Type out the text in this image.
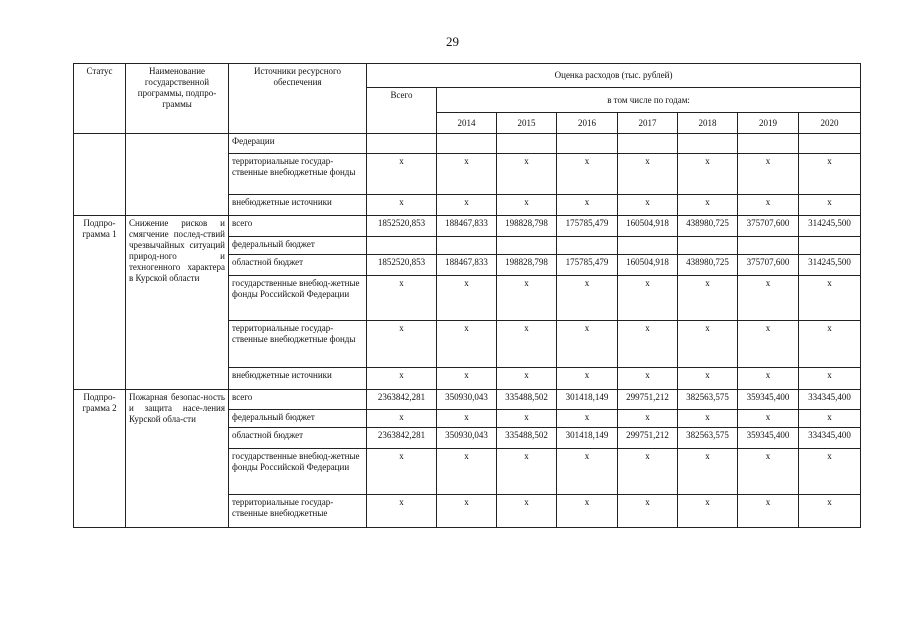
29
Статус	Наименование государственной программы, подпро-граммы	Источники ресурсного обеспечения	Оценка расходов (тыс. рублей)							
			Всего	в том числе по годам:						
				2014	2015	2016	2017	2018	2019	2020
		Федерации								
		территориальные государ-ственные внебюджетные фонды	x	x	x	x	x	x	x	x
		внебюджетные источники	x	x	x	x	x	x	x	x
Подпро-грамма 1	Снижение рисков и смягчение послед-ствий чрезвычайных ситуаций природ-ного и техногенного характера в Курской области	всего	1852520,853	188467,833	198828,798	175785,479	160504,918	438980,725	375707,600	314245,500
		федеральный бюджет								
		областной бюджет	1852520,853	188467,833	198828,798	175785,479	160504,918	438980,725	375707,600	314245,500
		государственные внебюд-жетные фонды Российской Федерации	x	x	x	x	x	x	x	x
		территориальные государ-ственные внебюджетные фонды	x	x	x	x	x	x	x	x
		внебюджетные источники	x	x	x	x	x	x	x	x
Подпро-грамма 2	Пожарная безопас-ность и защита насе-ления Курской обла-сти	всего	2363842,281	350930,043	335488,502	301418,149	299751,212	382563,575	359345,400	334345,400
		федеральный бюджет	x	x	x	x	x	x	x	x
		областной бюджет	2363842,281	350930,043	335488,502	301418,149	299751,212	382563,575	359345,400	334345,400
		государственные внебюд-жетные фонды Российской Федерации	x	x	x	x	x	x	x	x
		территориальные государ-ственные внебюджетные	x	x	x	x	x	x	x	x
